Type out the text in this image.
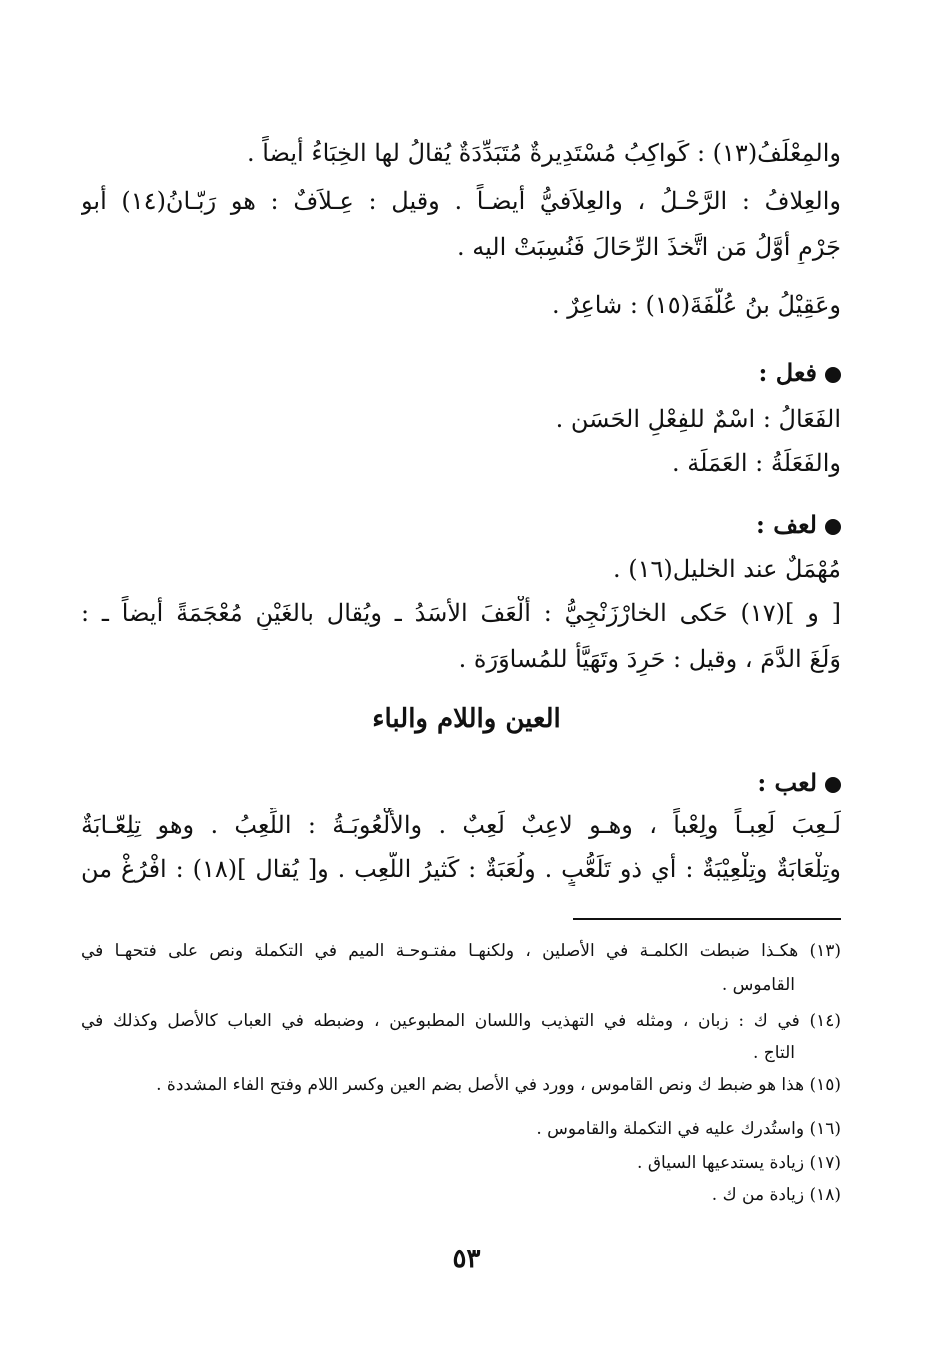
والمِعْلَفُ(١٣) : كَواكِبُ مُسْتَدِيرةٌ مُتَبَدِّدَةٌ يُقالُ لها الخِبَاءُ أيضاً .
والعِلافُ : الرَّحْـلُ ، والعِلاَفيُّ أيضـاً . وقيل : عِـلاَفٌ : هو رَبّـانُ(١٤) أبو
جَرْمٍ أوَّلُ مَن اتَّخذَ الرِّحَالَ فَنُسِبَتْ اليه .
وعَقِيْلُ بنُ عُلَّفَةَ(١٥) : شاعِرٌ .
فعل :
الفَعَالُ : اسْمٌ للفِعْلِ الحَسَن .
والفَعَلَةُ : العَمَلَة .
لعف :
مُهْمَلٌ عند الخليل(١٦) .
[ و ](١٧) حَكى الخارْزَنْجِيُّ : ألْعَفَ الأسَدُ ـ ويُقال بالغَيْنِ مُعْجَمَةً أيضاً ـ :
وَلَغَ الدَّمَ ، وقيل : حَرِدَ وتَهَيَّأ للمُساوَرَة .
العين واللام والباء
لعب :
لَـعِبَ لَعِبـاً ولِعْباً ، وهـو لاعِبٌ لَعِبٌ . والأُلْعُوبَـةُ : اللِّعِبُ . وهو تِلِعّـابَةٌ
وتِلْعَابَةٌ وتِلْعِيْبَةٌ : أي ذو تَلَعُّبٍ . ولُعَبَةٌ : كَثيرُ اللَّعِب . و[ يُقال ](١٨) : افْرُغْ من
(١٣) هكـذا ضبطت الكلمـة في الأصلين ، ولكنهـا مفتـوحـة الميم في التكملة ونص على فتحهـا في
القاموس .
(١٤) في ك : زبان ، ومثله في التهذيب واللسان المطبوعين ، وضبطه في العباب كالأصل وكذلك في
التاج .
(١٥) هذا هو ضبط ك ونص القاموس ، وورد في الأصل بضم العين وكسر اللام وفتح الفاء المشددة .
(١٦) واستُدرك عليه في التكملة والقاموس .
(١٧) زيادة يستدعيها السياق .
(١٨) زيادة من ك .
٥٣
